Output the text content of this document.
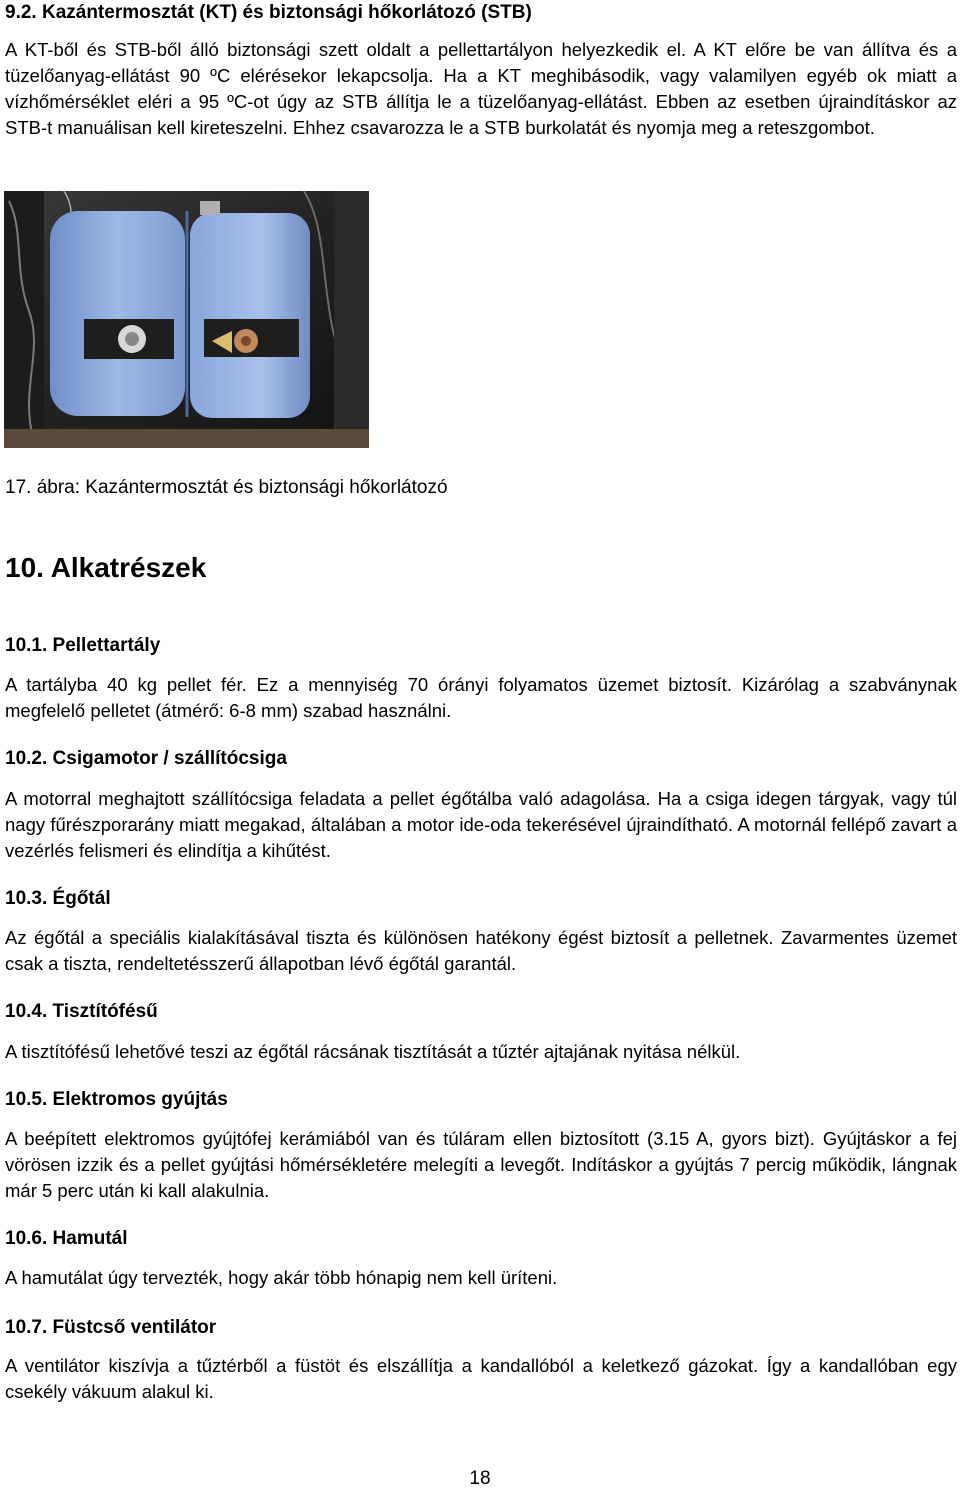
9.2. Kazántermosztát (KT) és biztonsági hőkorlátozó (STB)
A KT-ből és STB-ből álló biztonsági szett oldalt a pellettartályon helyezkedik el. A KT előre be van állítva és a tüzelőanyag-ellátást 90 ºC elérésekor lekapcsolja. Ha a KT meghibásodik, vagy valamilyen egyéb ok miatt a vízhőmérséklet eléri a 95 ºC-ot úgy az STB állítja le a tüzelőanyag-ellátást. Ebben az esetben újraindításkor az STB-t manuálisan kell kireteszelni. Ehhez csavarozza le a STB burkolatát és nyomja meg a reteszgombot.
17. ábra: Kazántermosztát és biztonsági hőkorlátozó
10. Alkatrészek
10.1. Pellettartály
A tartályba 40 kg pellet fér. Ez a mennyiség 70 órányi folyamatos üzemet biztosít. Kizárólag a szabványnak megfelelő pelletet (átmérő: 6-8 mm) szabad használni.
10.2. Csigamotor / szállítócsiga
A motorral meghajtott szállítócsiga feladata a pellet égőtálba való adagolása. Ha a csiga idegen tárgyak, vagy túl nagy fűrészporarány miatt megakad, általában a motor ide-oda tekerésével újraindítható. A motornál fellépő zavart a vezérlés felismeri és elindítja a kihűtést.
10.3. Égőtál
Az égőtál a speciális kialakításával tiszta és különösen hatékony égést biztosít a pelletnek. Zavarmentes üzemet csak a tiszta, rendeltetésszerű állapotban lévő égőtál garantál.
10.4. Tisztítófésű
A tisztítófésű lehetővé teszi az égőtál rácsának tisztítását a tűztér ajtajának nyitása nélkül.
10.5. Elektromos gyújtás
A beépített elektromos gyújtófej kerámiából van és túláram ellen biztosított (3.15 A, gyors bizt). Gyújtáskor a fej vörösen izzik és a pellet gyújtási hőmérsékletére melegíti a levegőt. Indításkor a gyújtás 7 percig működik, lángnak már 5 perc után ki kall alakulnia.
10.6. Hamutál
A hamutálat úgy tervezték, hogy akár több hónapig nem kell üríteni.
10.7. Füstcső ventilátor
A ventilátor kiszívja a tűztérből a füstöt és elszállítja a kandallóból a keletkező gázokat. Így a kandallóban egy csekély vákuum alakul ki.
18
